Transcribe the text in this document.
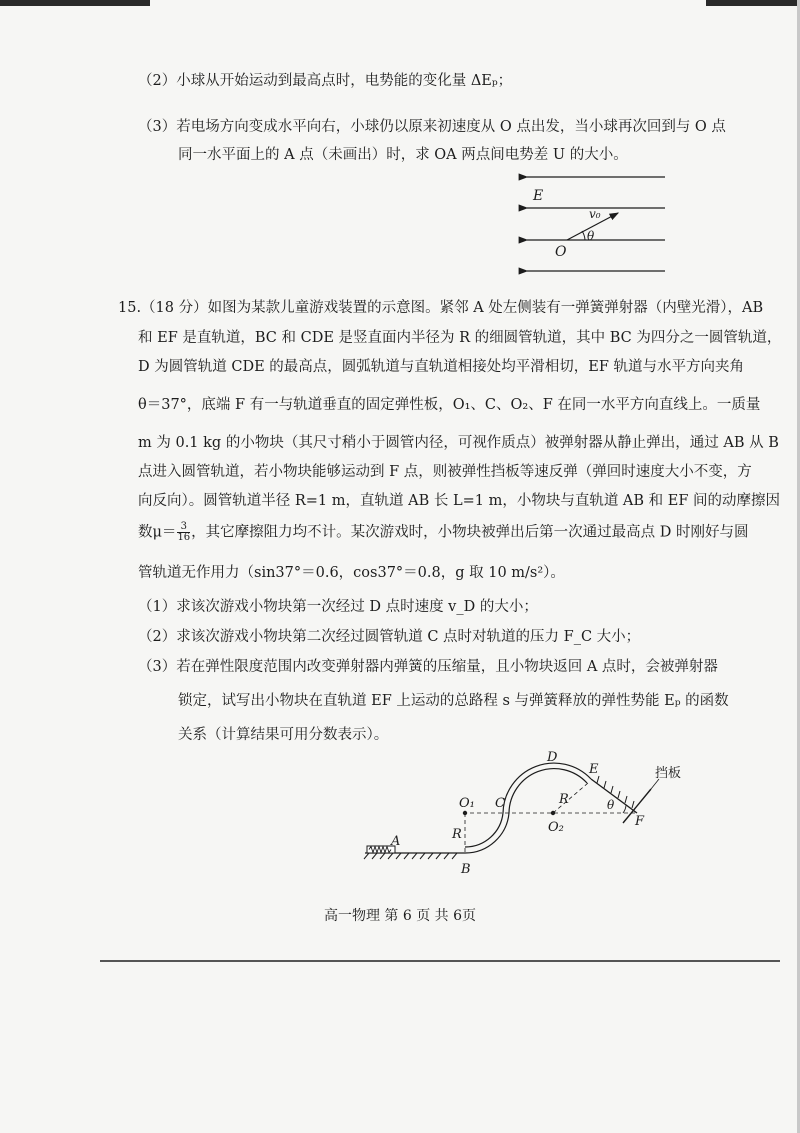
（2）小球从开始运动到最高点时，电势能的变化量 ΔEₚ；
（3）若电场方向变成水平向右，小球仍以原来初速度从 O 点出发，当小球再次回到与 O 点
同一水平面上的 A 点（未画出）时，求 OA 两点间电势差 U 的大小。
E
v₀
θ
O
15.（18 分）如图为某款儿童游戏装置的示意图。紧邻 A 处左侧装有一弹簧弹射器（内壁光滑），AB
和 EF 是直轨道，BC 和 CDE 是竖直面内半径为 R 的细圆管轨道，其中 BC 为四分之一圆管轨道，
D 为圆管轨道 CDE 的最高点，圆弧轨道与直轨道相接处均平滑相切，EF 轨道与水平方向夹角
θ＝37°，底端 F 有一与轨道垂直的固定弹性板，O₁、C、O₂、F 在同一水平方向直线上。一质量
m 为 0.1 kg 的小物块（其尺寸稍小于圆管内径，可视作质点）被弹射器从静止弹出，通过 AB 从 B
点进入圆管轨道，若小物块能够运动到 F 点，则被弹性挡板等速反弹（弹回时速度大小不变，方
向反向）。圆管轨道半径 R=1 m，直轨道 AB 长 L=1 m，小物块与直轨道 AB 和 EF 间的动摩擦因
数$\mu= \frac{3}{16}$ ，其它摩擦阻力均不计。某次游戏时，小物块被弹出后第一次通过最高点 D 时刚好与圆
管轨道无作用力（sin37°＝0.6，cos37°＝0.8，g 取 10 m/s²）。
（1）求该次游戏小物块第一次经过 D 点时速度 v_D 的大小；
（2）求该次游戏小物块第二次经过圆管轨道 C 点时对轨道的压力 F_C 大小；
（3）若在弹性限度范围内改变弹射器内弹簧的压缩量，且小物块返回 A 点时，会被弹射器
锁定，试写出小物块在直轨道 EF 上运动的总路程 s 与弹簧释放的弹性势能 Eₚ 的函数
关系（计算结果可用分数表示）。
A
B
C
D
E
F
O₁
O₂
R
R	θ
挡板
高一物理 第 6 页 共 6页
